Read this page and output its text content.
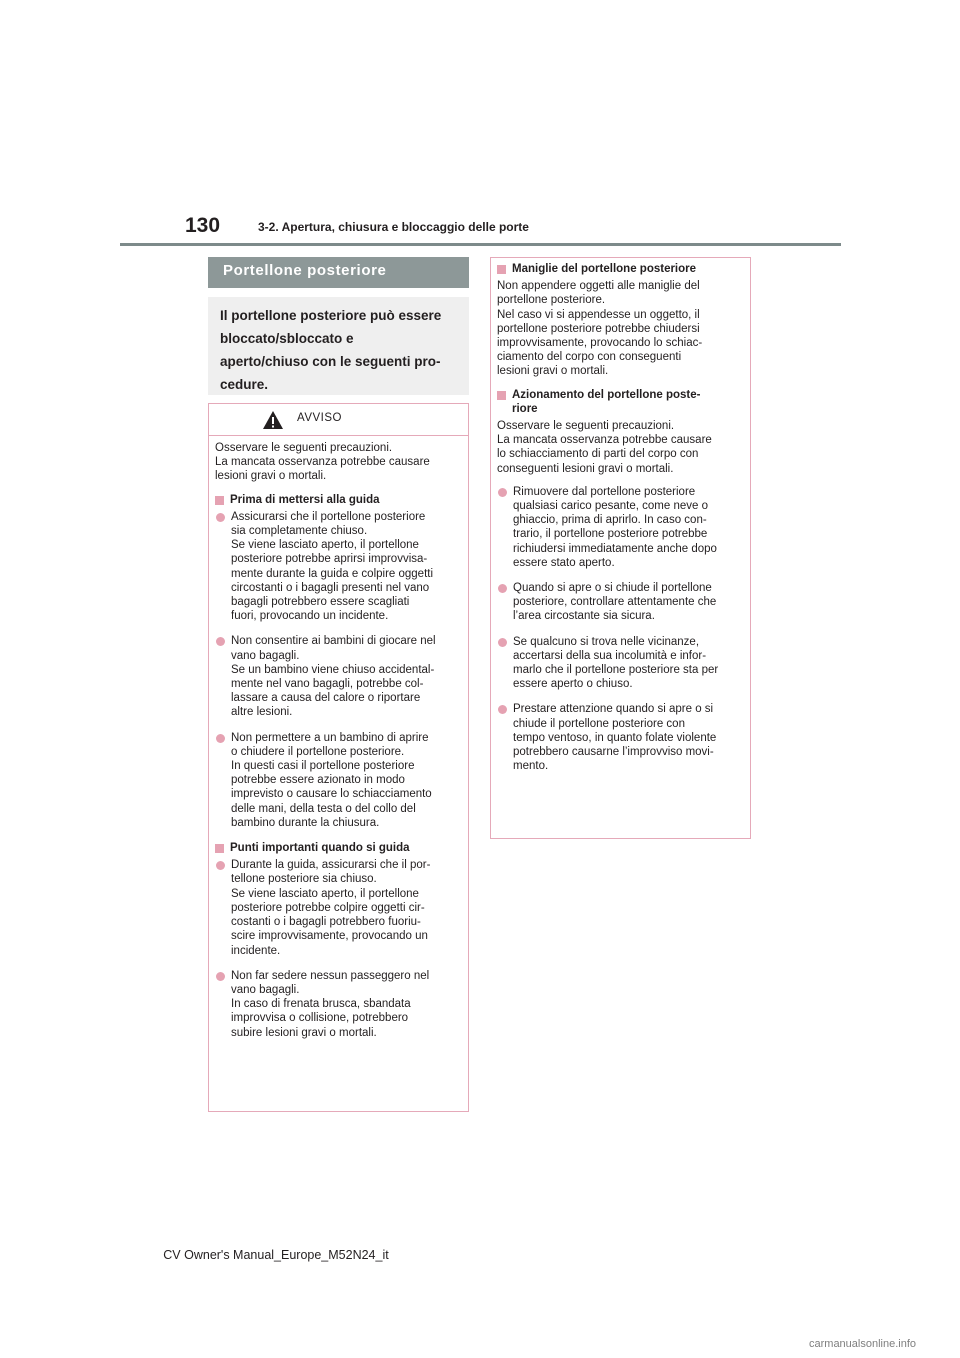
130	3-2. Apertura, chiusura e bloccaggio delle porte
Portellone posteriore
Il portellone posteriore può essere
bloccato/sbloccato e
aperto/chiuso con le seguenti pro-
cedure.
AVVISO
Osservare le seguenti precauzioni.
La mancata osservanza potrebbe causare
lesioni gravi o mortali.
Prima di mettersi alla guida
Assicurarsi che il portellone posteriore
sia completamente chiuso.
Se viene lasciato aperto, il portellone
posteriore potrebbe aprirsi improvvisa-
mente durante la guida e colpire oggetti
circostanti o i bagagli presenti nel vano
bagagli potrebbero essere scagliati
fuori, provocando un incidente.
Non consentire ai bambini di giocare nel
vano bagagli.
Se un bambino viene chiuso accidental-
mente nel vano bagagli, potrebbe col-
lassare a causa del calore o riportare
altre lesioni.
Non permettere a un bambino di aprire
o chiudere il portellone posteriore.
In questi casi il portellone posteriore
potrebbe essere azionato in modo
imprevisto o causare lo schiacciamento
delle mani, della testa o del collo del
bambino durante la chiusura.
Punti importanti quando si guida
Durante la guida, assicurarsi che il por-
tellone posteriore sia chiuso.
Se viene lasciato aperto, il portellone
posteriore potrebbe colpire oggetti cir-
costanti o i bagagli potrebbero fuoriu-
scire improvvisamente, provocando un
incidente.
Non far sedere nessun passeggero nel
vano bagagli.
In caso di frenata brusca, sbandata
improvvisa o collisione, potrebbero
subire lesioni gravi o mortali.
Maniglie del portellone posteriore
Non appendere oggetti alle maniglie del
portellone posteriore.
Nel caso vi si appendesse un oggetto, il
portellone posteriore potrebbe chiudersi
improvvisamente, provocando lo schiac-
ciamento del corpo con conseguenti
lesioni gravi o mortali.
Azionamento del portellone poste-
riore
Osservare le seguenti precauzioni.
La mancata osservanza potrebbe causare
lo schiacciamento di parti del corpo con
conseguenti lesioni gravi o mortali.
Rimuovere dal portellone posteriore
qualsiasi carico pesante, come neve o
ghiaccio, prima di aprirlo. In caso con-
trario, il portellone posteriore potrebbe
richiudersi immediatamente anche dopo
essere stato aperto.
Quando si apre o si chiude il portellone
posteriore, controllare attentamente che
l’area circostante sia sicura.
Se qualcuno si trova nelle vicinanze,
accertarsi della sua incolumità e infor-
marlo che il portellone posteriore sta per
essere aperto o chiuso.
Prestare attenzione quando si apre o si
chiude il portellone posteriore con
tempo ventoso, in quanto folate violente
potrebbero causarne l’improvviso movi-
mento.
CV Owner's Manual_Europe_M52N24_it
carmanualsonline.info
